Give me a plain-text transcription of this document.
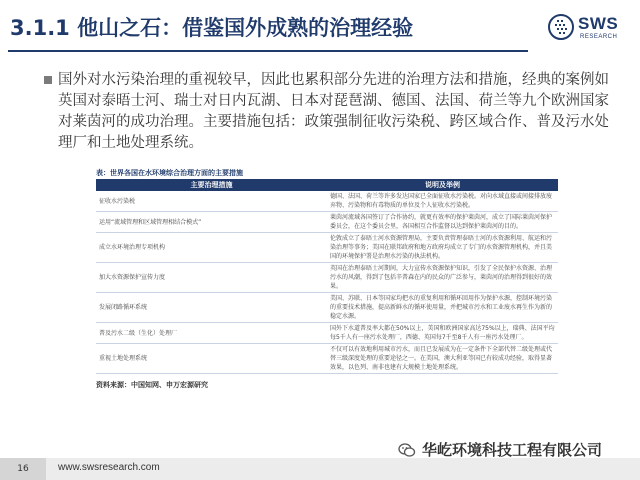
3.1.1 他山之石：借鉴国外成熟的治理经验	SWS
RESEARCH

国外对水污染治理的重视较早，因此也累积部分先进的治理方法和措施，经典的案例如英国对泰晤士河、瑞士对日内瓦湖、日本对琵琶湖、德国、法国、荷兰等九个欧洲国家对莱茵河的成功治理。主要措施包括：政策强制征收污染税、跨区域合作、普及污水处理厂和土地处理系统。

表：世界各国在水环境综合治理方面的主要措施
主要治理措施	说明及举例
征收水污染税	德国、法国、荷兰等许多发达国家已全面征收水污染税。对向水域直接或间接排放废弃物、污染物和有毒物质的单位及个人征收水污染税。
运用“流域管理和区域管理相结合模式”	莱茵河流域各国签订了合作协约，就更有效率的保护莱茵河，成立了国际莱茵河保护委员会，在这个委员会里，各国相互合作监督以达到保护莱茵河的目的。
成立水环境治理专项机构	伦敦成立了泰晤士河水资源管理局，主要负责管理泰晤士河的水资源利用、航运和污染治理等事务；美国在联邦政府和地方政府均成立了专门的水资源管理机构，并且美国的环境保护署是治理水污染的执法机构。
加大水资源保护宣传力度	英国在治理泰晤士河期间，大力宣传水资源保护知识，引发了全民保护水资源、治理污水的风潮，得到了包括辛普森在内的民众的广泛参与，莱茵河的治理得到很好的效果。
发展闭路循环系统	美国、苏联、日本等国家均把水的重复利用和循环回用作为保护水源，控制环境污染的重要技术措施，提高新鲜水的循环使用量，并把城市污水和工业废水再生作为新的稳定水源。
普及污水二级（生化）处理厂	国外下水道普及率大都在50%以上，美国和欧洲国家高达75%以上，瑞典、法国平均每5千人有一座污水处理厂，西德、英国每7千至8千人有一座污水处理厂。
重视土地处理系统	不仅可以有效地利用城市污水，而且已发展成为在一定条件下全部代替二级处理或代替三级深度处理的重要途径之一。在美国，澳大利亚等国已有较成功经验，取得显著效果，以色列、南非也建有大规模土地处理系统。
资料来源：中国知网、申万宏源研究
16	www.swsresearch.com
华屹环境科技工程有限公司
